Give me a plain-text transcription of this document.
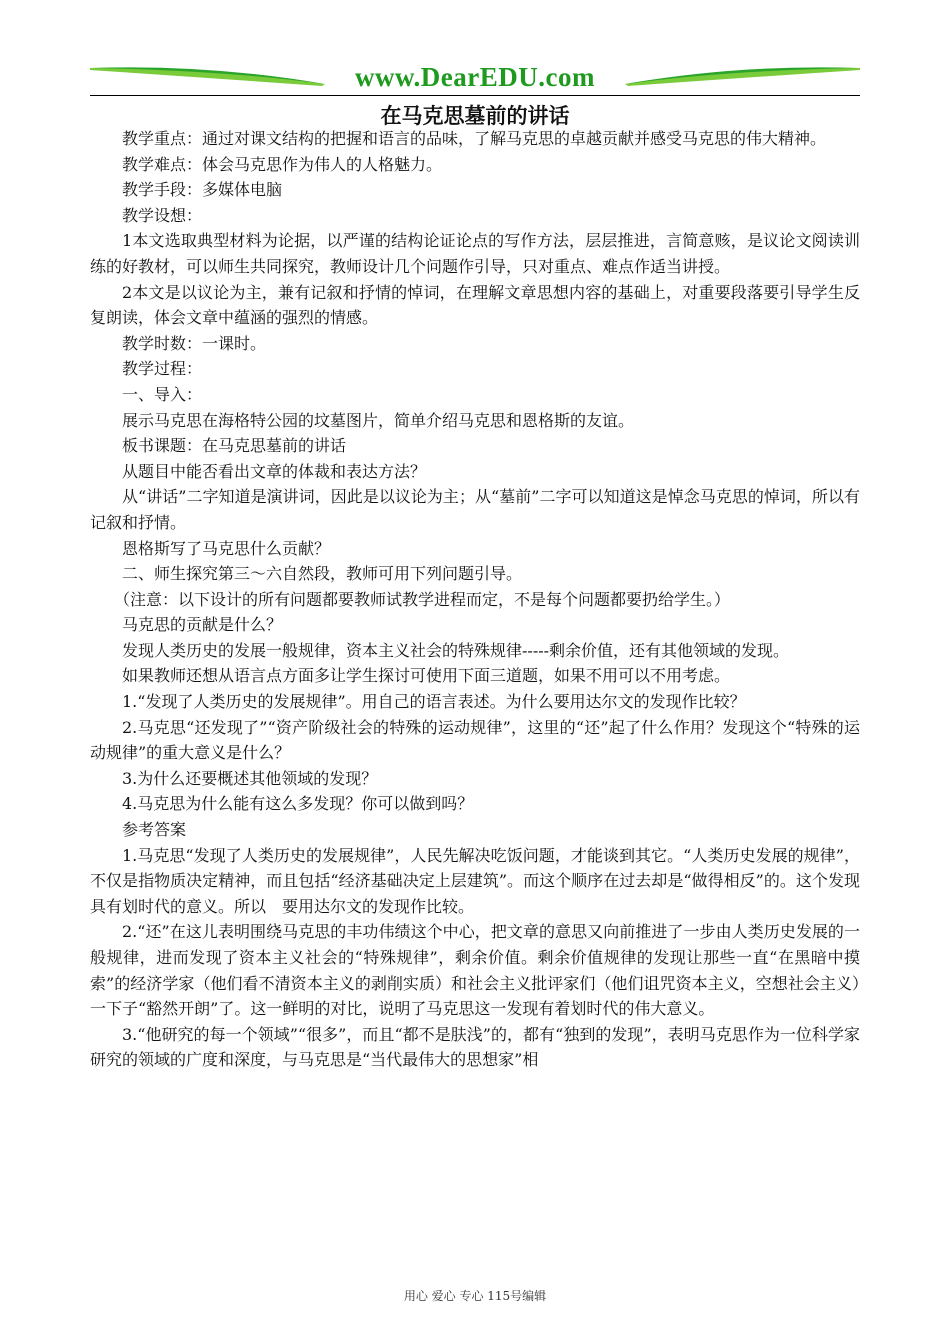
www.DearEDU.com
在马克思墓前的讲话

教学重点：通过对课文结构的把握和语言的品味，了解马克思的卓越贡献并感受马克思的伟大精神。

教学难点：体会马克思作为伟人的人格魅力。

教学手段：多媒体电脑

教学设想：

1本文选取典型材料为论据，以严谨的结构论证论点的写作方法，层层推进，言简意赅，是议论文阅读训练的好教材，可以师生共同探究，教师设计几个问题作引导，只对重点、难点作适当讲授。

2本文是以议论为主，兼有记叙和抒情的悼词，在理解文章思想内容的基础上，对重要段落要引导学生反复朗读，体会文章中蕴涵的强烈的情感。

教学时数：一课时。

教学过程：

一、导入：

展示马克思在海格特公园的坟墓图片，简单介绍马克思和恩格斯的友谊。

板书课题：在马克思墓前的讲话

从题目中能否看出文章的体裁和表达方法？

从“讲话”二字知道是演讲词，因此是以议论为主；从“墓前”二字可以知道这是悼念马克思的悼词，所以有记叙和抒情。

恩格斯写了马克思什么贡献？

二、师生探究第三～六自然段，教师可用下列问题引导。

（注意：以下设计的所有问题都要教师试教学进程而定，不是每个问题都要扔给学生。）

马克思的贡献是什么？

发现人类历史的发展一般规律，资本主义社会的特殊规律-----剩余价值，还有其他领域的发现。

如果教师还想从语言点方面多让学生探讨可使用下面三道题，如果不用可以不用考虑。

1.“发现了人类历史的发展规律”。用自己的语言表述。为什么要用达尔文的发现作比较？

2.马克思“还发现了”“资产阶级社会的特殊的运动规律”，这里的“还”起了什么作用？发现这个“特殊的运动规律”的重大意义是什么？

3.为什么还要概述其他领域的发现？

4.马克思为什么能有这么多发现？你可以做到吗？

参考答案

1.马克思“发现了人类历史的发展规律”，人民先解决吃饭问题，才能谈到其它。“人类历史发展的规律”，不仅是指物质决定精神，而且包括“经济基础决定上层建筑”。而这个顺序在过去却是“做得相反”的。这个发现具有划时代的意义。所以　要用达尔文的发现作比较。

2.“还”在这儿表明围绕马克思的丰功伟绩这个中心，把文章的意思又向前推进了一步由人类历史发展的一般规律，进而发现了资本主义社会的“特殊规律”，剩余价值。剩余价值规律的发现让那些一直“在黑暗中摸索”的经济学家（他们看不清资本主义的剥削实质）和社会主义批评家们（他们诅咒资本主义，空想社会主义）一下子“豁然开朗”了。这一鲜明的对比，说明了马克思这一发现有着划时代的伟大意义。

3.“他研究的每一个领域”“很多”，而且“都不是肤浅”的，都有“独到的发现”，表明马克思作为一位科学家研究的领域的广度和深度，与马克思是“当代最伟大的思想家”相

用心 爱心 专心 115号编辑
